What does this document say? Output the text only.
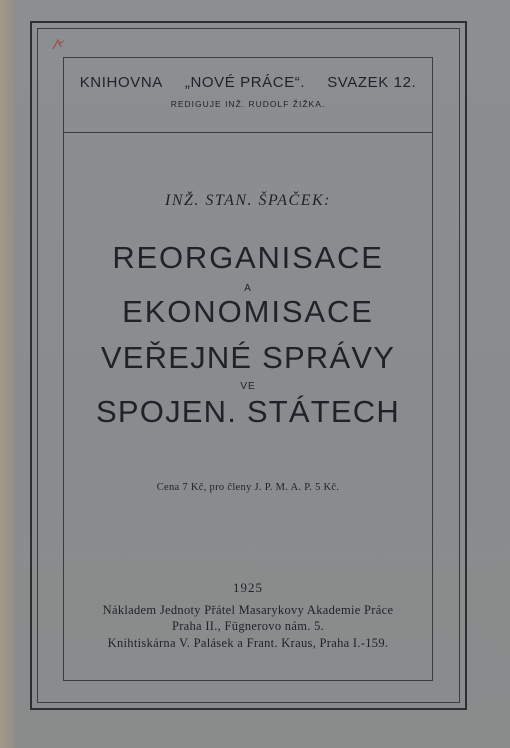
KNIHOVNA „NOVÉ PRÁCE“. SVAZEK 12.
REDIGUJE INŽ. RUDOLF ŽIŽKA.
INŽ. STAN. ŠPAČEK:
REORGANISACE
A
EKONOMISACE
VEŘEJNÉ SPRÁVY
VE
SPOJEN. STÁTECH
Cena 7 Kč, pro členy J. P. M. A. P. 5 Kč.
1925
Nákladem Jednoty Přátel Masarykovy Akademie Práce
Praha II., Fügnerovo nám. 5.
Knihtiskárna V. Palásek a Frant. Kraus, Praha I.-159.
